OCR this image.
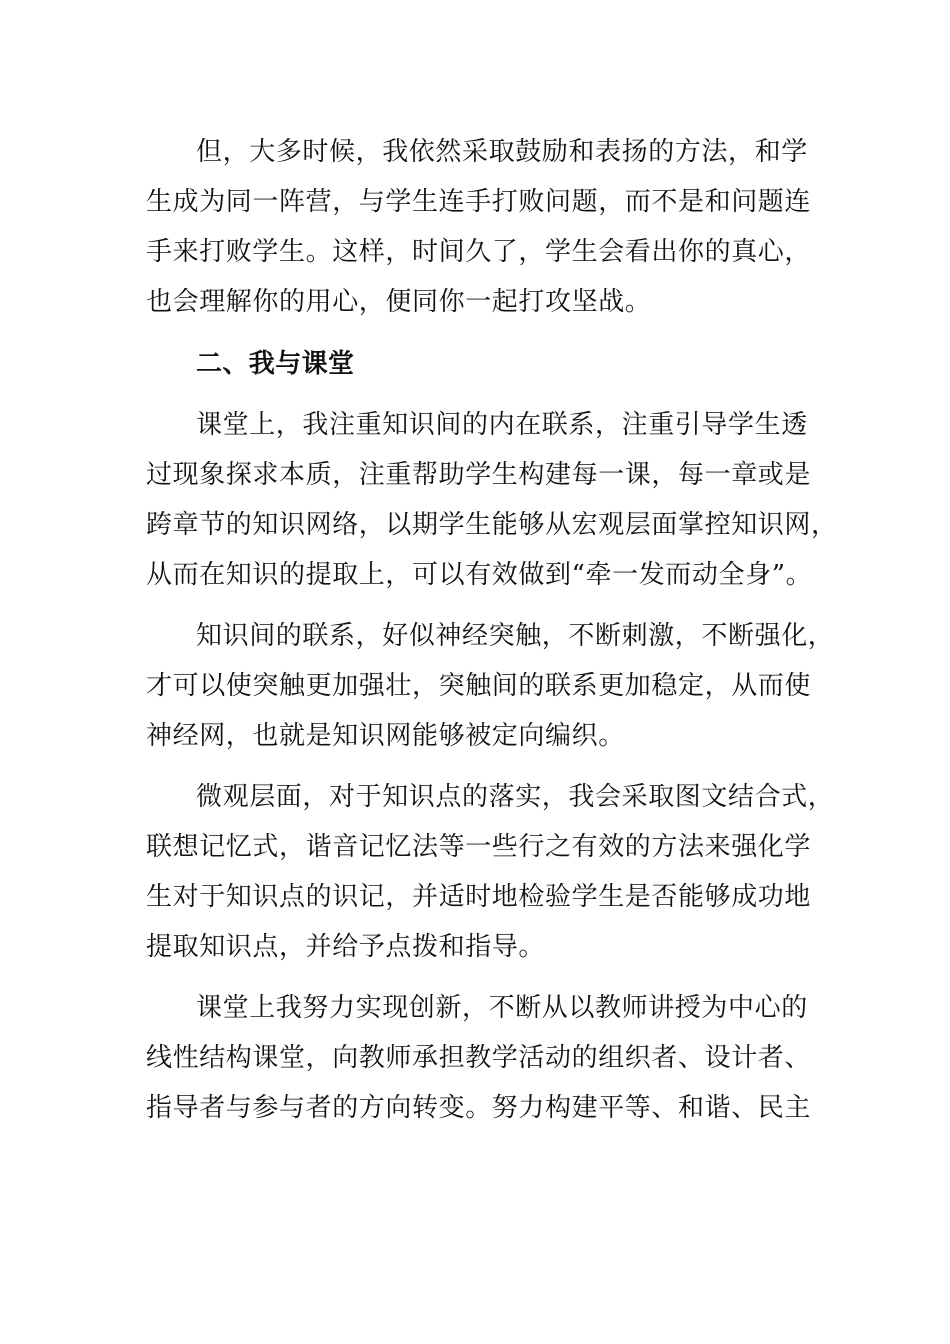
但，大多时候，我依然采取鼓励和表扬的方法，和学
生成为同一阵营，与学生连手打败问题，而不是和问题连
手来打败学生。这样，时间久了，学生会看出你的真心，
也会理解你的用心，便同你一起打攻坚战。
二、我与课堂
课堂上，我注重知识间的内在联系，注重引导学生透
过现象探求本质，注重帮助学生构建每一课，每一章或是
跨章节的知识网络，以期学生能够从宏观层面掌控知识网，
从而在知识的提取上，可以有效做到“牵一发而动全身”。
知识间的联系，好似神经突触，不断刺激，不断强化，
才可以使突触更加强壮，突触间的联系更加稳定，从而使
神经网，也就是知识网能够被定向编织。
微观层面，对于知识点的落实，我会采取图文结合式，
联想记忆式，谐音记忆法等一些行之有效的方法来强化学
生对于知识点的识记，并适时地检验学生是否能够成功地
提取知识点，并给予点拨和指导。
课堂上我努力实现创新，不断从以教师讲授为中心的
线性结构课堂，向教师承担教学活动的组织者、设计者、
指导者与参与者的方向转变。努力构建平等、和谐、民主
